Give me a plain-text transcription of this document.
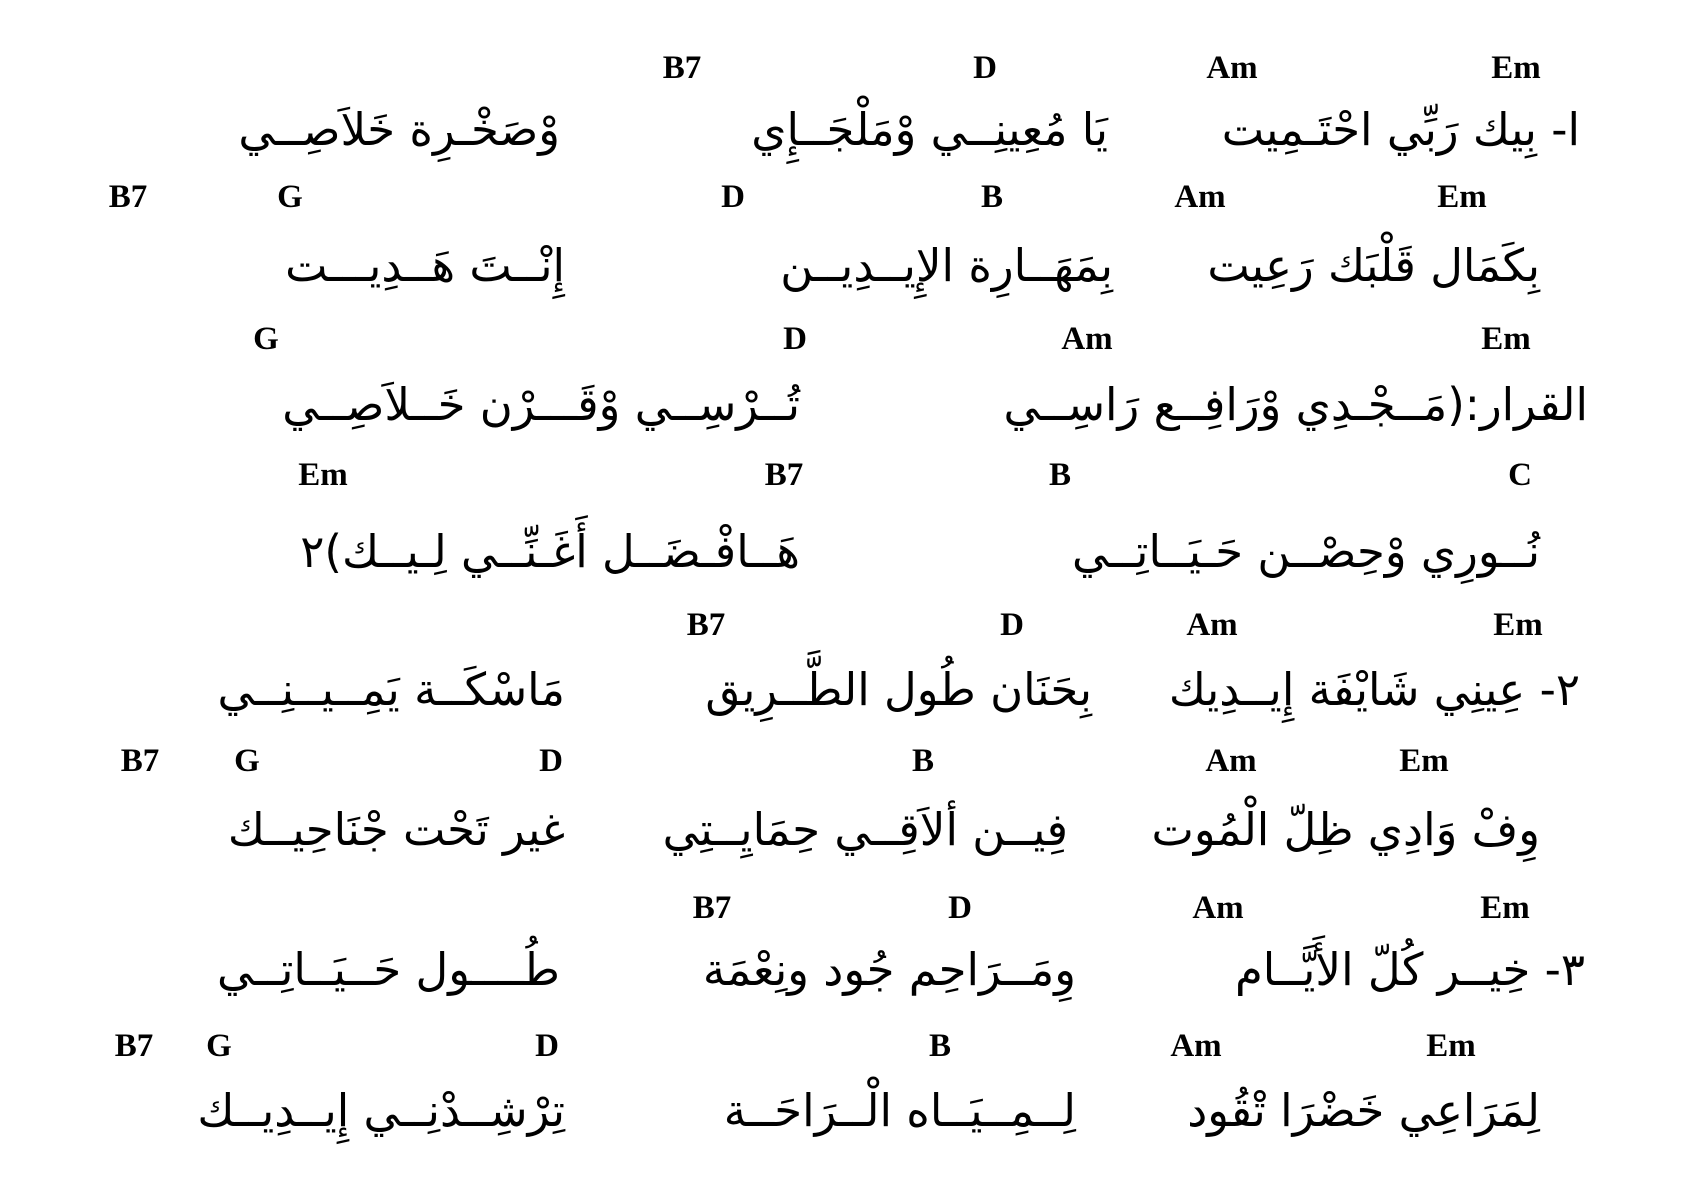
B7	D	Am	Em
ا- بِيك رَبِّي احْتَـمِيت
يَا مُعِينِــي وْمَلْجَــإِي
وْصَخْـرِة خَلاَصِــي
B7	G	D	B	Am	Em
بِكَمَال قَلْبَك رَعِيت
بِمَهَــارِة الإِيــدِيــن
إِنْــتَ هَــدِيـــت
G	D	Am	Em
القرار:(مَــجْـدِي وْرَافِــع رَاسِــي
تُــرْسِــي وْقَـــرْن خَــلاَصِــي
Em	B7	B	C
نُــورِي وْحِصْــن حَـيَــاتِــي
هَــافْـضَــل أَغَـنِّــي لِـيــك)٢
B7	D	Am	Em
٢- عِينِي شَايْفَة إِيــدِيك
بِحَنَان طُول الطَّــرِيق
مَاسْكَــة يَمِــيــنِــي
B7 G	D	B	Am	Em
وِفْ وَادِي ظِلّ الْمُوت
فِيــن ألاَقِــي حِمَايِــتِي
غير تَحْت جْنَاحِيــك
B7	D	Am	Em
٣- خِيــر كُلّ الأَيَّــام
وِمَــرَاحِم جُود ونِعْمَة
طُــــول حَــيَــاتِــي
B7 G	D	B	Am	Em
لِمَرَاعِي خَضْرَا تْقُود
لِــمِــيَــاه الْــرَاحَــة
تِرْشِــدْنِــي إِيــدِيــك
